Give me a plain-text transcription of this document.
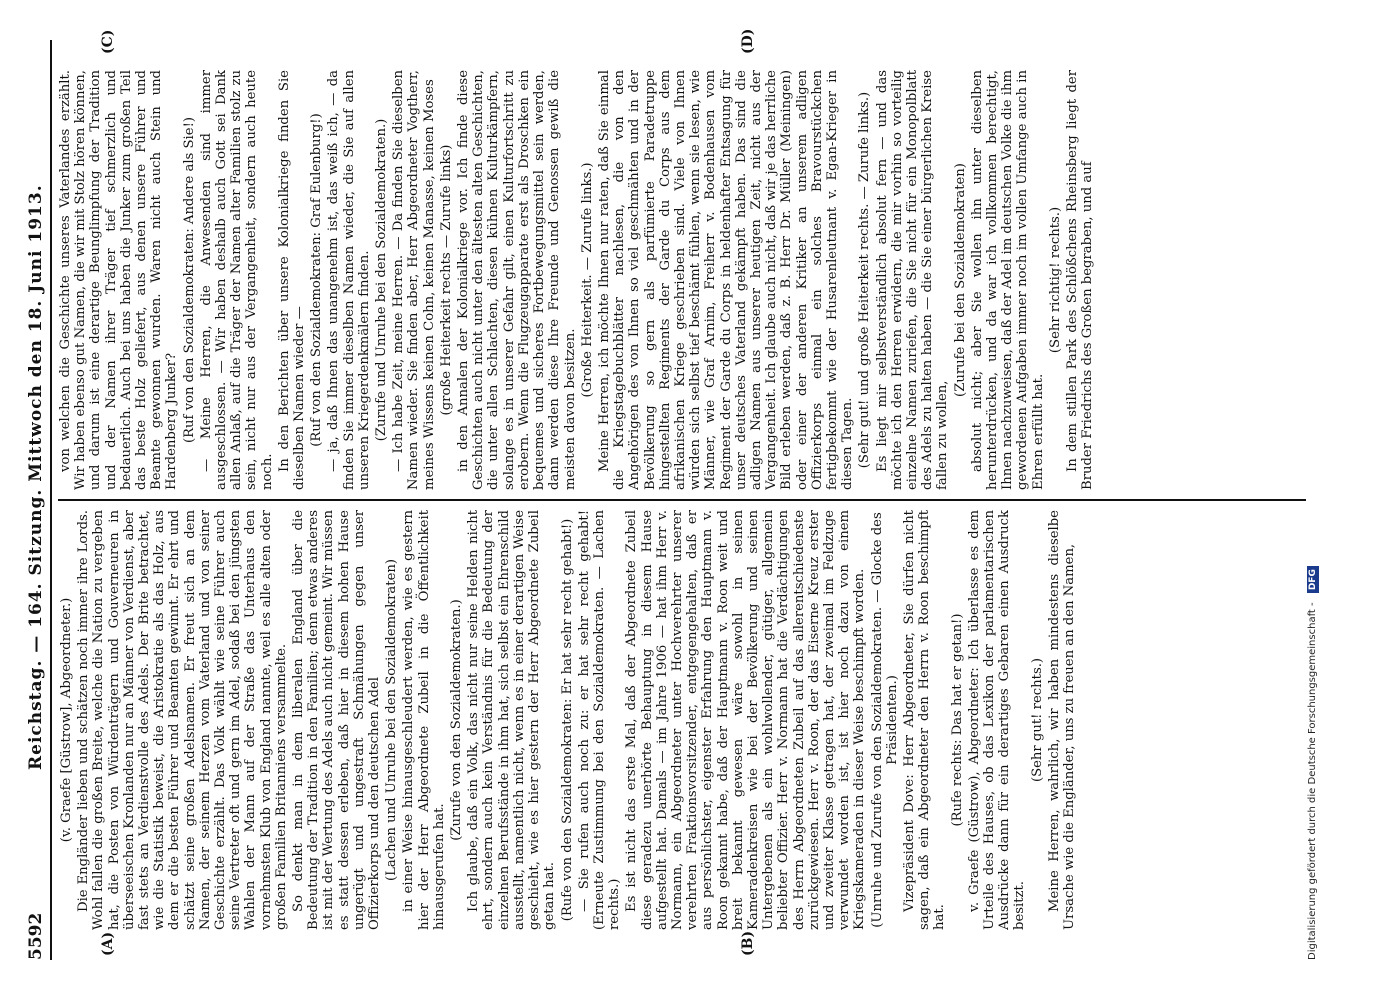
5592
Reichstag. — 164. Sitzung. Mittwoch den 18. Juni 1913.
(A)	(B)
(C)	(D)

(v. Graefe [Güstrow], Abgeordneter.) Die Engländer lieben und schätzen noch immer ihre Lords. Wohl fallen die großen Breite, welche die Nation zu vergeben hat, die Posten von Würdenträgern und Gouverneuren in überseeischen Kronlanden nur an Männer von Verdienst, aber fast stets an Verdienstvolle des Adels. Der Brite betrachtet, wie die Statistik beweist, die Aristokratie als das Holz, aus dem er die besten Führer und Beamten gewinnt. Er ehrt und schätzt seine großen Adelsnamen. Er freut sich an dem Namen, der seinem Herzen vom Vaterland und von seiner Geschichte erzählt. Das Volk wählt wie seine Führer auch seine Vertreter oft und gern im Adel, sodaß bei den jüngsten Wahlen der Mann auf der Straße das Unterhaus den vornehmsten Klub von England nannte, weil es alle alten oder großen Familien Britanniens versammelte. So denkt man in dem liberalen England über die Bedeutung der Tradition in den Familien; denn etwas anderes ist mit der Wertung des Adels auch nicht gemeint. Wir müssen es statt dessen erleben, daß hier in diesem hohen Hause ungerügt und ungestraft Schmähungen gegen unser Offizierkorps und den deutschen Adel (Lachen und Unruhe bei den Sozialdemokraten) in einer Weise hinausgeschleudert werden, wie es gestern hier der Herr Abgeordnete Zubeil in die Öffentlichkeit hinausgerufen hat.

(Zurufe von den Sozialdemokraten.) Ich glaube, daß ein Volk, das nicht nur seine Helden nicht ehrt, sondern auch kein Verständnis für die Bedeutung der einzelnen Berufsstände in ihm hat, sich selbst ein Ehrenschild ausstellt, namentlich nicht, wenn es in einer derartigen Weise geschieht, wie es hier gestern der Herr Abgeordnete Zubeil getan hat. (Rufe von den Sozialdemokraten: Er hat sehr recht gehabt!) — Sie rufen auch noch zu: er hat sehr recht gehabt! (Erneute Zustimmung bei den Sozialdemokraten. — Lachen rechts.) Es ist nicht das erste Mal, daß der Abgeordnete Zubeil diese geradezu unerhörte Behauptung in diesem Hause aufgestellt hat. Damals — im Jahre 1906 — hat ihm Herr v. Normann, ein Abgeordneter unter Hochverehrter unserer verehrten Fraktionsvorsitzender, entgegengehalten, daß er aus persönlichster, eigenster Erfahrung den Hauptmann v. Roon gekannt habe, daß der Hauptmann v. Roon weit und breit bekannt gewesen wäre sowohl in seinen Kameradenkreisen wie bei der Bevölkerung und seinen Untergebenen als ein wohlwollender, gütiger, allgemein beliebter Offizier. Herr v. Normann hat die Verdächtigungen des Herrn Abgeordneten Zubeil auf das allerentschiedenste zurückgewiesen. Herr v. Roon, der das Eiserne Kreuz erster und zweiter Klasse getragen hat, der zweimal im Feldzuge verwundet worden ist, ist hier noch dazu von einem Kriegskameraden in dieser Weise beschimpft worden. (Unruhe und Zurufe von den Sozialdemokraten. — Glocke des Präsidenten.) Vizepräsident Dove: Herr Abgeordneter, Sie dürfen nicht sagen, daß ein Abgeordneter den Herrn v. Roon beschimpft hat.

(Rufe rechts: Das hat er getan!) v. Graefe (Güstrow), Abgeordneter: Ich überlasse es dem Urteile des Hauses, ob das Lexikon der parlamentarischen Ausdrücke dann für ein derartiges Gebaren einen Ausdruck besitzt.

(Sehr gut! rechts.) Meine Herren, wahrlich, wir haben mindestens dieselbe Ursache wie die Engländer, uns zu freuen an den Namen,

von welchen die Geschichte unseres Vaterlandes erzählt. Wir haben ebenso gut Namen, die wir mit Stolz hören können, und darum ist eine derartige Beunglimpfung der Tradition und der Namen ihrer Träger tief schmerzlich und bedauerlich. Auch bei uns haben die Junker zum großen Teil das beste Holz geliefert, aus denen unsere Führer und Beamte gewonnen wurden. Waren nicht auch Stein und Hardenberg Junker? (Ruf von den Sozialdemokraten: Andere als Sie!) — Meine Herren, die Anwesenden sind immer ausgeschlossen. — Wir haben deshalb auch Gott sei Dank allen Anlaß, auf die Träger der Namen alter Familien stolz zu sein, nicht nur aus der Vergangenheit, sondern auch heute noch. In den Berichten über unsere Kolonialkriege finden Sie dieselben Namen wieder — (Ruf von den Sozialdemokraten: Graf Eulenburg!) — ja, daß Ihnen das unangenehm ist, das weiß ich, — da finden Sie immer dieselben Namen wieder, die Sie auf allen unseren Kriegerdenkmälern finden. (Zurufe und Unruhe bei den Sozialdemokraten.) — Ich habe Zeit, meine Herren. — Da finden Sie dieselben Namen wieder. Sie finden aber, Herr Abgeordneter Vogtherr, meines Wissens keinen Cohn, keinen Manasse, keinen Moses (große Heiterkeit rechts — Zurufe links) in den Annalen der Kolonialkriege vor. Ich finde diese Geschichten auch nicht unter den ältesten alten Geschichten, die unter allen Schlachten, diesen kühnen Kulturkämpfern, solange es in unserer Gefahr gilt, einen Kulturfortschritt zu erobern. Wenn die Flugzeugapparate erst als Droschken ein bequemes und sicheres Fortbewegungsmittel sein werden, dann werden diese Ihre Freunde und Genossen gewiß die meisten davon besitzen.

(Große Heiterkeit. — Zurufe links.) Meine Herren, ich möchte Ihnen nur raten, daß Sie einmal die Kriegstagebuchblätter nachlesen, die von den Angehörigen des von Ihnen so viel geschmähten und in der Bevölkerung so gern als parfümierte Paradetruppe hingestellten Regiments der Garde du Corps aus dem afrikanischen Kriege geschrieben sind. Viele von Ihnen würden sich selbst tief beschämt fühlen, wenn sie lesen, wie Männer, wie Graf Arnim, Freiherr v. Bodenhausen vom Regiment der Garde du Corps in heldenhafter Entsagung für unser deutsches Vaterland gekämpft haben. Das sind die adligen Namen aus unserer heutigen Zeit, nicht aus der Vergangenheit. Ich glaube auch nicht, daß wir je das herrliche Bild erleben werden, daß z. B. Herr Dr. Müller (Meiningen) oder einer der anderen Kritiker an unserem adligen Offizierkorps einmal ein solches Bravourstückchen fertigbekommt wie der Husarenleutnant v. Egan-Krieger in diesen Tagen. (Sehr gut! und große Heiterkeit rechts. — Zurufe links.) Es liegt mir selbstverständlich absolut fern — und das möchte ich den Herren erwidern, die mir vorhin so vorteilig einzelne Namen zuriefen, die Sie nicht für ein Monopolblatt des Adels zu halten haben — die Sie einer bürgerlichen Kreise fallen zu wollen,

(Zurufe bei den Sozialdemokraten) absolut nicht; aber Sie wollen ihn unter dieselben herunterdrücken, und da war ich vollkommen berechtigt, Ihnen nachzuweisen, daß der Adel im deutschen Volke die ihm gewordenen Aufgaben immer noch im vollen Umfange auch in Ehren erfüllt hat.

(Sehr richtig! rechts.) In dem stillen Park des Schlößchens Rheinsberg liegt der Bruder Friedrichs des Großen begraben, und auf

Digitalisierung gefördert durch die Deutsche Forschungsgemeinschaft - DFG
